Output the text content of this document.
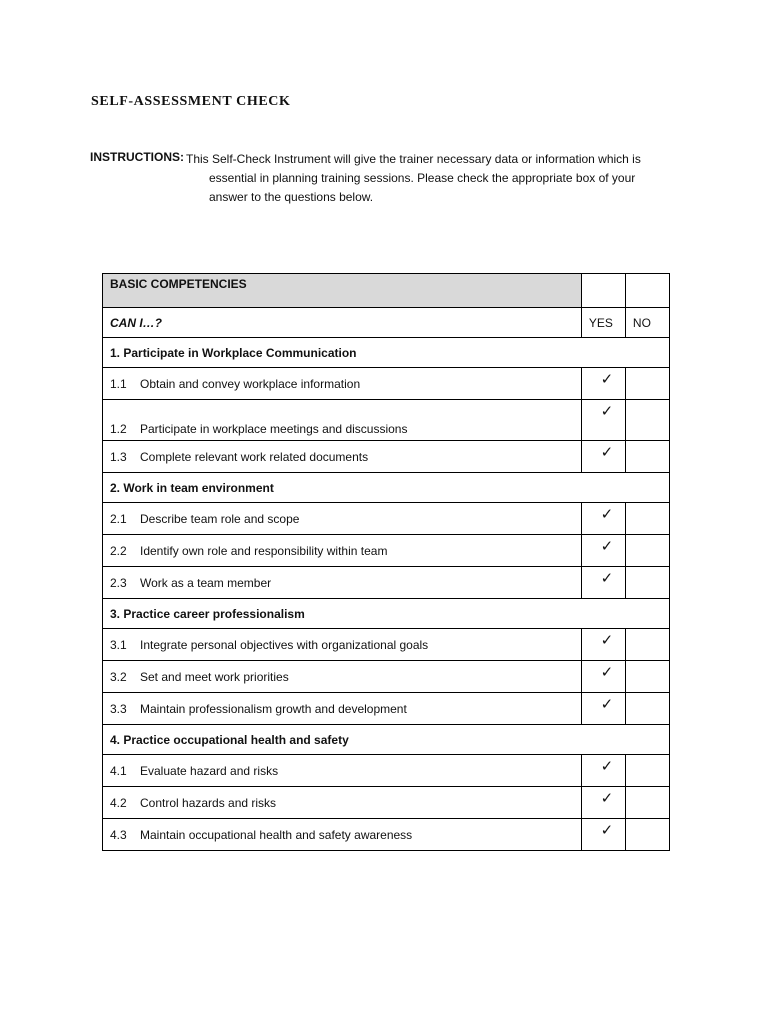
SELF-ASSESSMENT CHECK
INSTRUCTIONS: This Self-Check Instrument will give the trainer necessary data or information which is
essential in planning training sessions. Please check the appropriate box of your
answer to the questions below.
BASIC COMPETENCIES		
CAN I…?	YES	NO
1. Participate in Workplace Communication		
1.1 Obtain and convey workplace information	✓	
1.2 Participate in workplace meetings and discussions	✓	
1.3 Complete relevant work related documents	✓	
2. Work in team environment		
2.1 Describe team role and scope	✓	
2.2 Identify own role and responsibility within team	✓	
2.3 Work as a team member	✓	
3. Practice career professionalism		
3.1 Integrate personal objectives with organizational goals	✓	
3.2 Set and meet work priorities	✓	
3.3 Maintain professionalism growth and development	✓	
4. Practice occupational health and safety		
4.1 Evaluate hazard and risks	✓	
4.2 Control hazards and risks	✓	
4.3 Maintain occupational health and safety awareness	✓	
